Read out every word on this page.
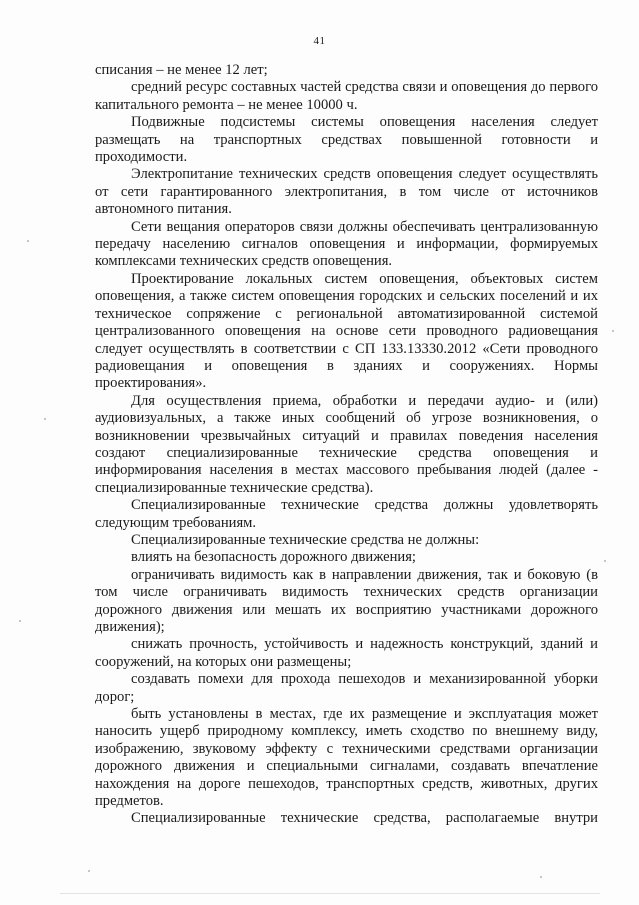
41

списания – не менее 12 лет;

средний ресурс составных частей средства связи и оповещения до первого капитального ремонта – не менее 10000 ч.

Подвижные подсистемы системы оповещения населения следует размещать на транспортных средствах повышенной готовности и проходимости.

Электропитание технических средств оповещения следует осуществлять от сети гарантированного электропитания, в том числе от источников автономного питания.

Сети вещания операторов связи должны обеспечивать централизованную передачу населению сигналов оповещения и информации, формируемых комплексами технических средств оповещения.

Проектирование локальных систем оповещения, объектовых систем оповещения, а также систем оповещения городских и сельских поселений и их техническое сопряжение с региональной автоматизированной системой централизованного оповещения на основе сети проводного радиовещания следует осуществлять в соответствии с СП 133.13330.2012 «Сети проводного радиовещания и оповещения в зданиях и сооружениях. Нормы проектирования».

Для осуществления приема, обработки и передачи аудио- и (или) аудиовизуальных, а также иных сообщений об угрозе возникновения, о возникновении чрезвычайных ситуаций и правилах поведения населения создают специализированные технические средства оповещения и информирования населения в местах массового пребывания людей (далее - специализированные технические средства).

Специализированные технические средства должны удовлетворять следующим требованиям.

Специализированные технические средства не должны:

влиять на безопасность дорожного движения;

ограничивать видимость как в направлении движения, так и боковую (в том числе ограничивать видимость технических средств организации дорожного движения или мешать их восприятию участниками дорожного движения);

снижать прочность, устойчивость и надежность конструкций, зданий и сооружений, на которых они размещены;

создавать помехи для прохода пешеходов и механизированной уборки дорог;

быть установлены в местах, где их размещение и эксплуатация может наносить ущерб природному комплексу, иметь сходство по внешнему виду, изображению, звуковому эффекту с техническими средствами организации дорожного движения и специальными сигналами, создавать впечатление нахождения на дороге пешеходов, транспортных средств, животных, других предметов.

Специализированные технические средства, располагаемые внутри
